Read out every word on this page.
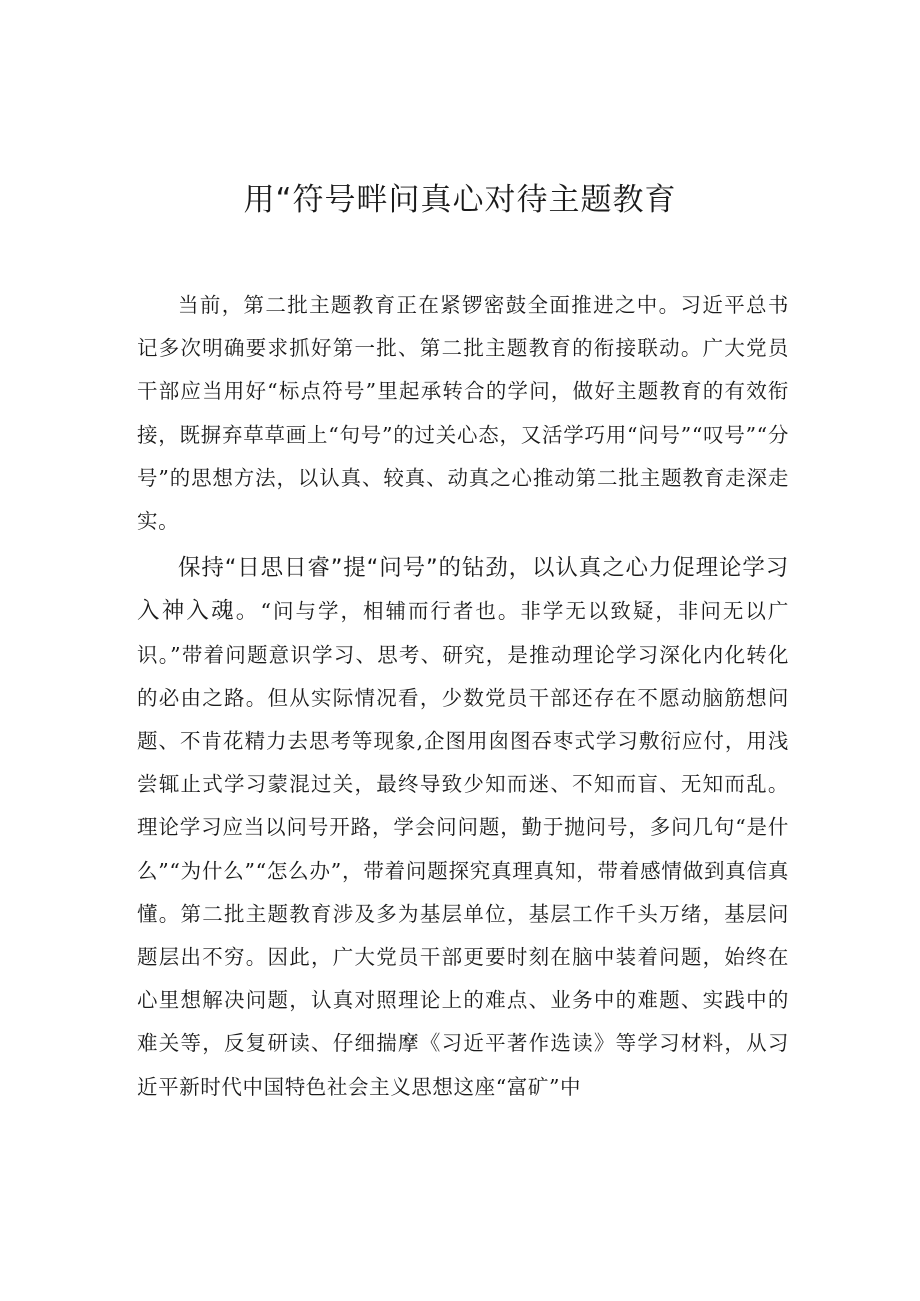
用“符号畔问真心对待主题教育

当前，第二批主题教育正在紧锣密鼓全面推进之中。习近平总书记多次明确要求抓好第一批、第二批主题教育的衔接联动。广大党员干部应当用好“标点符号”里起承转合的学问，做好主题教育的有效衔接，既摒弃草草画上“句号”的过关心态，又活学巧用“问号”“叹号”“分号”的思想方法，以认真、较真、动真之心推动第二批主题教育走深走实。

保持“日思日睿”提“问号”的钻劲，以认真之心力促理论学习入神入魂。“问与学，相辅而行者也。非学无以致疑，非问无以广识。”带着问题意识学习、思考、研究，是推动理论学习深化内化转化的必由之路。但从实际情况看，少数党员干部还存在不愿动脑筋想问题、不肯花精力去思考等现象,企图用囱图吞枣式学习敷衍应付，用浅尝辄止式学习蒙混过关，最终导致少知而迷、不知而盲、无知而乱。理论学习应当以问号开路，学会问问题，勤于抛问号，多问几句“是什么”“为什么”“怎么办”，带着问题探究真理真知，带着感情做到真信真懂。第二批主题教育涉及多为基层单位，基层工作千头万绪，基层问题层出不穷。因此，广大党员干部更要时刻在脑中装着问题，始终在心里想解决问题，认真对照理论上的难点、业务中的难题、实践中的难关等，反复研读、仔细揣摩《习近平著作选读》等学习材料，从习近平新时代中国特色社会主义思想这座“富矿”中
